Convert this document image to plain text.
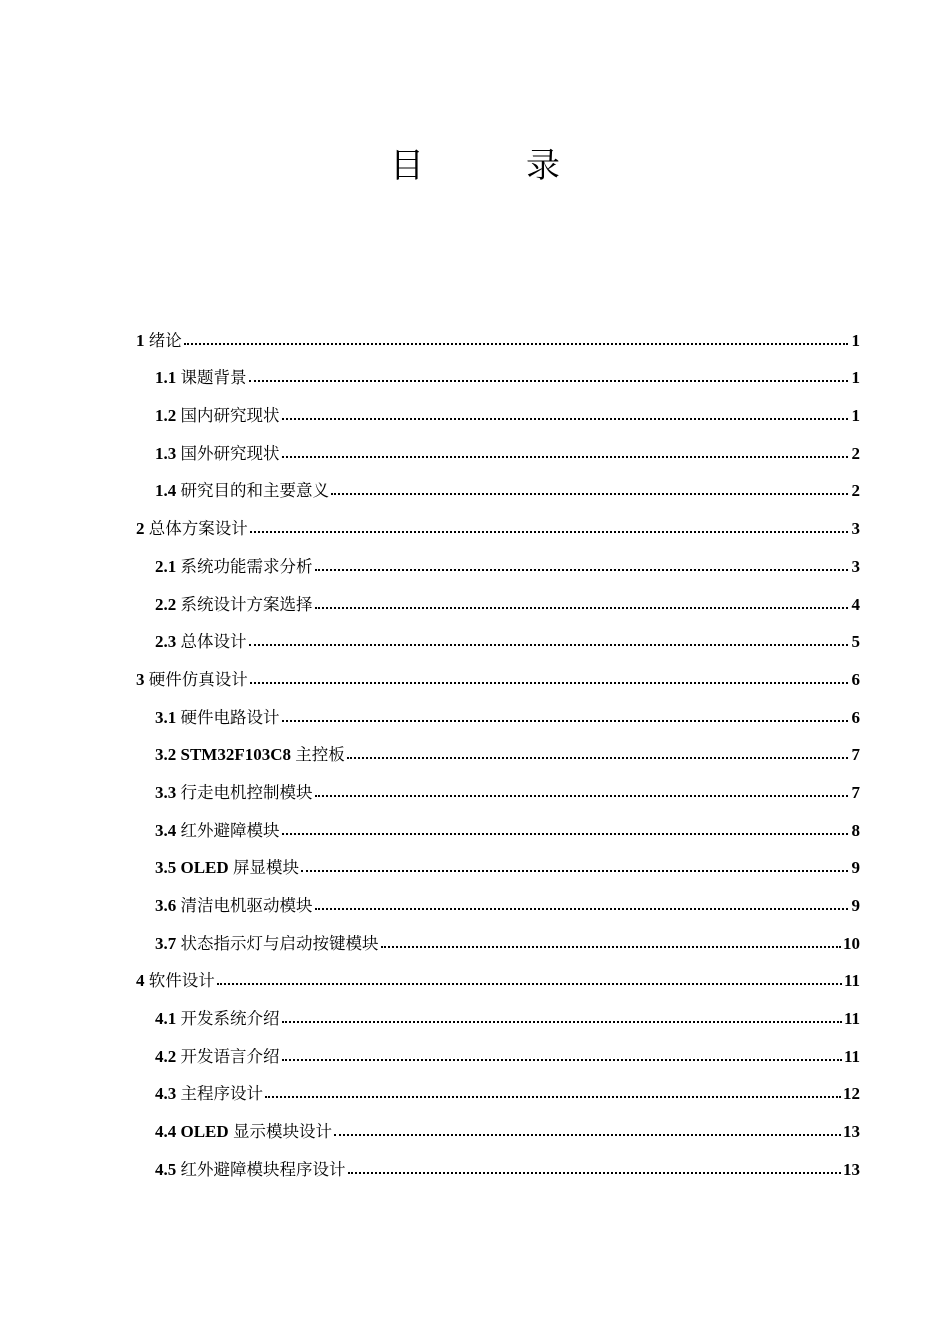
目　录
1 绪论	1
1.1 课题背景	1
1.2 国内研究现状	1
1.3 国外研究现状	2
1.4 研究目的和主要意义	2
2 总体方案设计	3
2.1 系统功能需求分析	3
2.2 系统设计方案选择	4
2.3 总体设计	5
3 硬件仿真设计	6
3.1 硬件电路设计	6
3.2 STM32F103C8 主控板	7
3.3 行走电机控制模块	7
3.4 红外避障模块	8
3.5 OLED 屏显模块	9
3.6 清洁电机驱动模块	9
3.7 状态指示灯与启动按键模块	10
4 软件设计	11
4.1 开发系统介绍	11
4.2 开发语言介绍	11
4.3 主程序设计	12
4.4 OLED 显示模块设计	13
4.5 红外避障模块程序设计	13
